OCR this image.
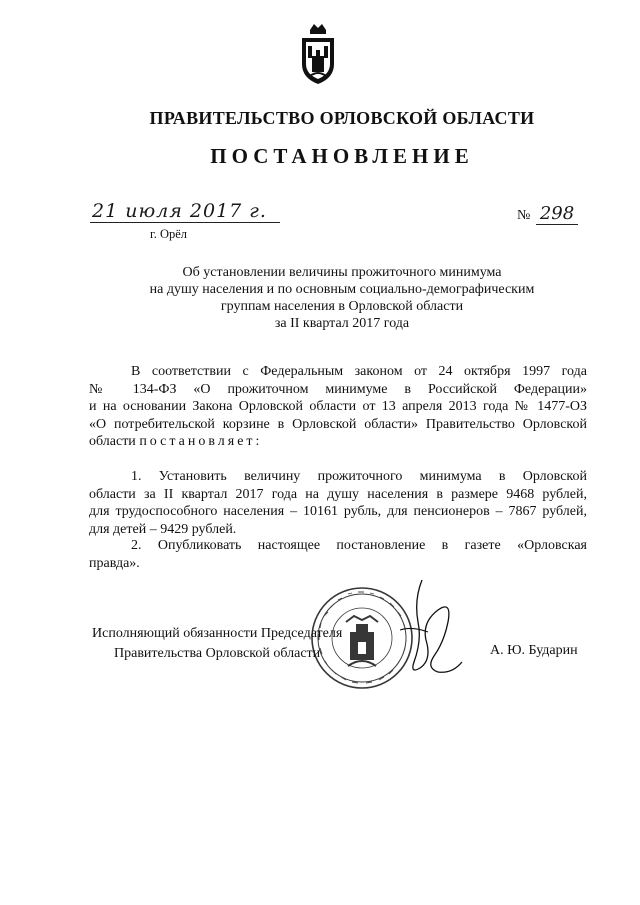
ПРАВИТЕЛЬСТВО ОРЛОВСКОЙ ОБЛАСТИ
ПОСТАНОВЛЕНИЕ
21 июля 2017 г.
г. Орёл
№ 298
Об установлении величины прожиточного минимума
на душу населения и по основным социально-демографическим
группам населения в Орловской области
за II квартал 2017 года
В соответствии с Федеральным законом от 24 октября 1997 года
№ 134-ФЗ «О прожиточном минимуме в Российской Федерации»
и на основании Закона Орловской области от 13 апреля 2013 года № 1477-ОЗ
«О потребительской корзине в Орловской области» Правительство Орловской
области постановляет:
1. Установить величину прожиточного минимума в Орловской
области за II квартал 2017 года на душу населения в размере 9468 рублей,
для трудоспособного населения – 10161 рубль, для пенсионеров – 7867 рублей,
для детей – 9429 рублей.
2. Опубликовать настоящее постановление в газете «Орловская
правда».
Исполняющий обязанности Председателя
Правительства Орловской области	А. Ю. Бударин
